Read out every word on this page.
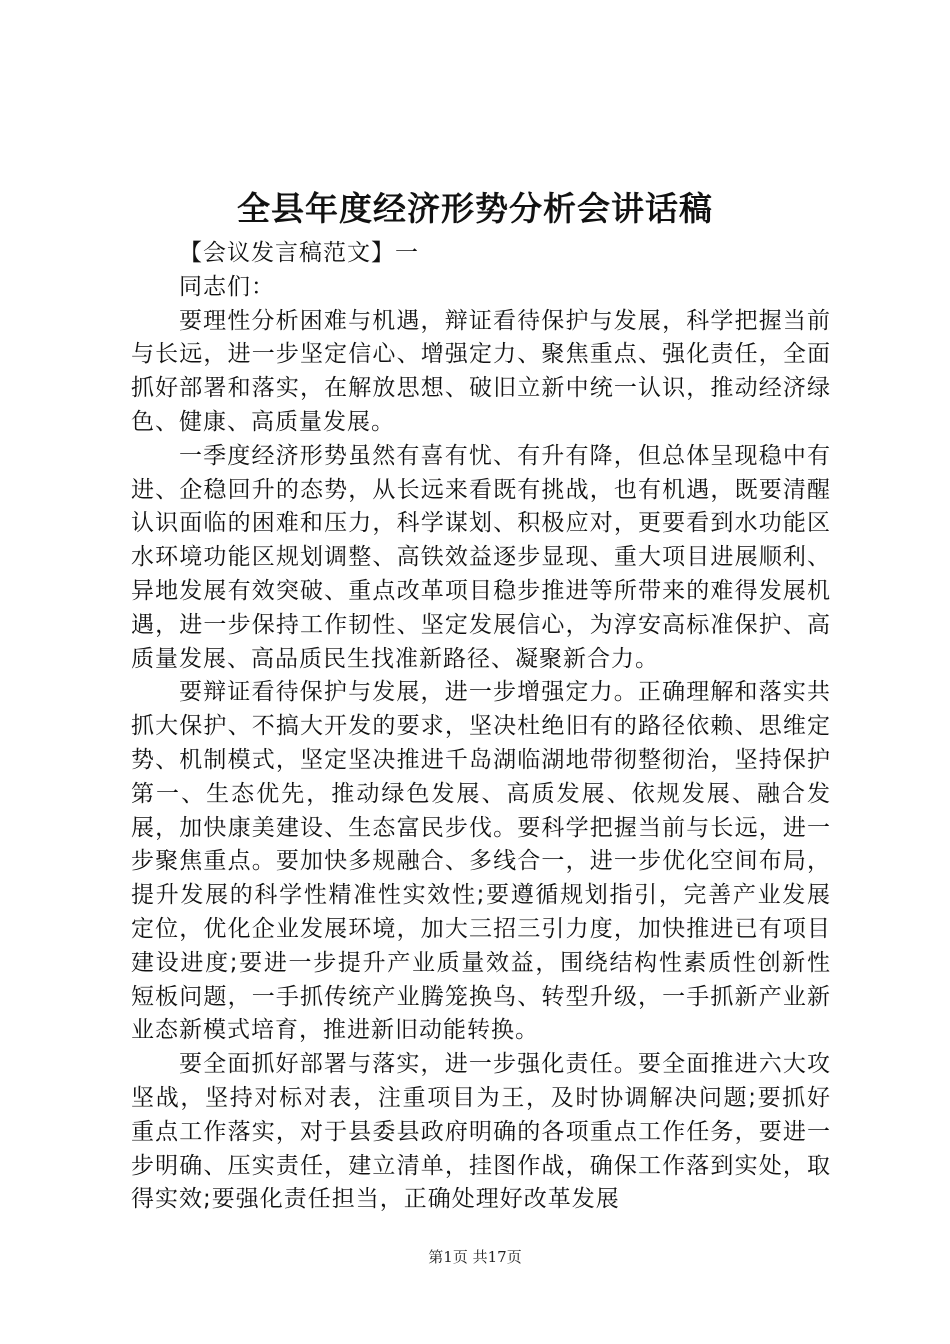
全县年度经济形势分析会讲话稿

【会议发言稿范文】一

同志们：

要理性分析困难与机遇，辩证看待保护与发展，科学把握当前与长远，进一步坚定信心、增强定力、聚焦重点、强化责任，全面抓好部署和落实，在解放思想、破旧立新中统一认识，推动经济绿色、健康、高质量发展。

一季度经济形势虽然有喜有忧、有升有降，但总体呈现稳中有进、企稳回升的态势，从长远来看既有挑战，也有机遇，既要清醒认识面临的困难和压力，科学谋划、积极应对，更要看到水功能区水环境功能区规划调整、高铁效益逐步显现、重大项目进展顺利、异地发展有效突破、重点改革项目稳步推进等所带来的难得发展机遇，进一步保持工作韧性、坚定发展信心，为淳安高标准保护、高质量发展、高品质民生找准新路径、凝聚新合力。

要辩证看待保护与发展，进一步增强定力。正确理解和落实共抓大保护、不搞大开发的要求，坚决杜绝旧有的路径依赖、思维定势、机制模式，坚定坚决推进千岛湖临湖地带彻整彻治，坚持保护第一、生态优先，推动绿色发展、高质发展、依规发展、融合发展，加快康美建设、生态富民步伐。要科学把握当前与长远，进一步聚焦重点。要加快多规融合、多线合一，进一步优化空间布局，提升发展的科学性精准性实效性;要遵循规划指引，完善产业发展定位，优化企业发展环境，加大三招三引力度，加快推进已有项目建设进度;要进一步提升产业质量效益，围绕结构性素质性创新性短板问题，一手抓传统产业腾笼换鸟、转型升级，一手抓新产业新业态新模式培育，推进新旧动能转换。

要全面抓好部署与落实，进一步强化责任。要全面推进六大攻坚战，坚持对标对表，注重项目为王，及时协调解决问题;要抓好重点工作落实，对于县委县政府明确的各项重点工作任务，要进一步明确、压实责任，建立清单，挂图作战，确保工作落到实处，取得实效;要强化责任担当，正确处理好改革发展

第1页 共17页
